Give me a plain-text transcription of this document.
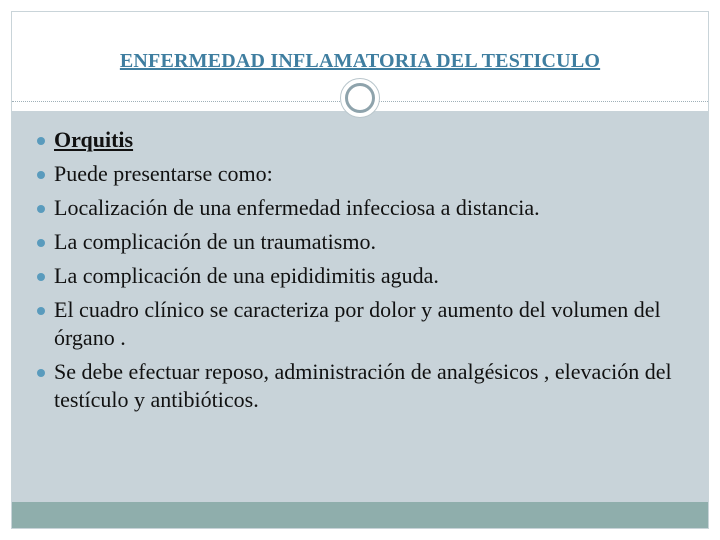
ENFERMEDAD INFLAMATORIA DEL TESTICULO
Orquitis
Puede presentarse como:
Localización de una enfermedad infecciosa a distancia.
La complicación de un traumatismo.
La complicación de una epididimitis aguda.
El cuadro clínico se caracteriza por dolor y aumento del volumen del órgano .
Se debe efectuar reposo, administración de analgésicos , elevación del testículo y antibióticos.
